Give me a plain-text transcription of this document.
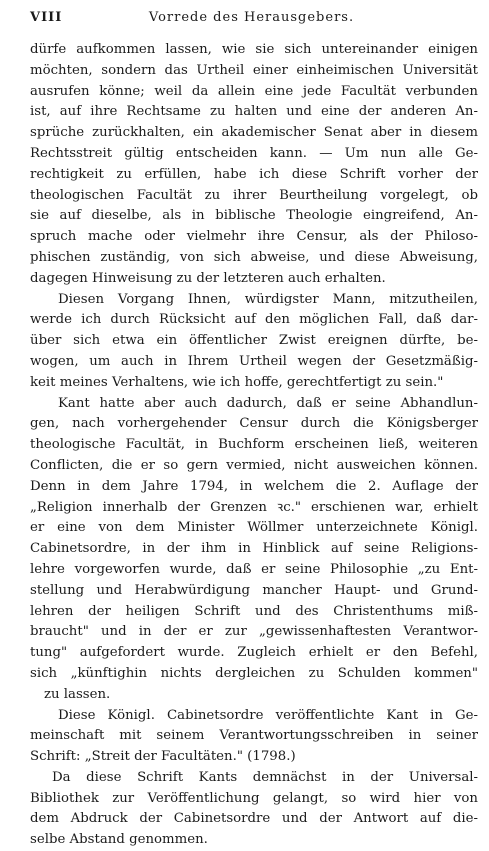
VIII	Vorrede des Herausgebers.
dürfe aufkommen lassen, wie sie sich untereinander einigen
möchten, sondern das Urtheil einer einheimischen Universität
ausrufen könne; weil da allein eine jede Facultät verbunden
ist, auf ihre Rechtsame zu halten und eine der anderen An-
sprüche zurückhalten, ein akademischer Senat aber in diesem
Rechtsstreit gültig entscheiden kann. — Um nun alle Ge-
rechtigkeit zu erfüllen, habe ich diese Schrift vorher der
theologischen Facultät zu ihrer Beurtheilung vorgelegt, ob
sie auf dieselbe, als in biblische Theologie eingreifend, An-
spruch mache oder vielmehr ihre Censur, als der Philoso-
phischen zuständig, von sich abweise, und diese Abweisung,
dagegen Hinweisung zu der letzteren auch erhalten.
Diesen Vorgang Ihnen, würdigster Mann, mitzutheilen,
werde ich durch Rücksicht auf den möglichen Fall, daß dar-
über sich etwa ein öffentlicher Zwist ereignen dürfte, be-
wogen, um auch in Ihrem Urtheil wegen der Gesetzmäßig-
keit meines Verhaltens, wie ich hoffe, gerechtfertigt zu sein."
Kant hatte aber auch dadurch, daß er seine Abhandlun-
gen, nach vorhergehender Censur durch die Königsberger
theologische Facultät, in Buchform erscheinen ließ, weiteren
Conflicten, die er so gern vermied, nicht ausweichen können.
Denn in dem Jahre 1794, in welchem die 2. Auflage der
„Religion innerhalb der Grenzen ꝛc." erschienen war, erhielt
er eine von dem Minister Wöllmer unterzeichnete Königl.
Cabinetsordre, in der ihm in Hinblick auf seine Religions-
lehre vorgeworfen wurde, daß er seine Philosophie „zu Ent-
stellung und Herabwürdigung mancher Haupt- und Grund-
lehren der heiligen Schrift und des Christenthums miß-
braucht" und in der er zur „gewissenhaftesten Verantwor-
tung" aufgefordert wurde. Zugleich erhielt er den Befehl,
sich „künftighin nichts dergleichen zu Schulden kommen"
zu lassen.
Diese Königl. Cabinetsordre veröffentlichte Kant in Ge-
meinschaft mit seinem Verantwortungsschreiben in seiner
Schrift: „Streit der Facultäten." (1798.)
Da diese Schrift Kants demnächst in der Universal-
Bibliothek zur Veröffentlichung gelangt, so wird hier von
dem Abdruck der Cabinetsordre und der Antwort auf die-
selbe Abstand genommen.
